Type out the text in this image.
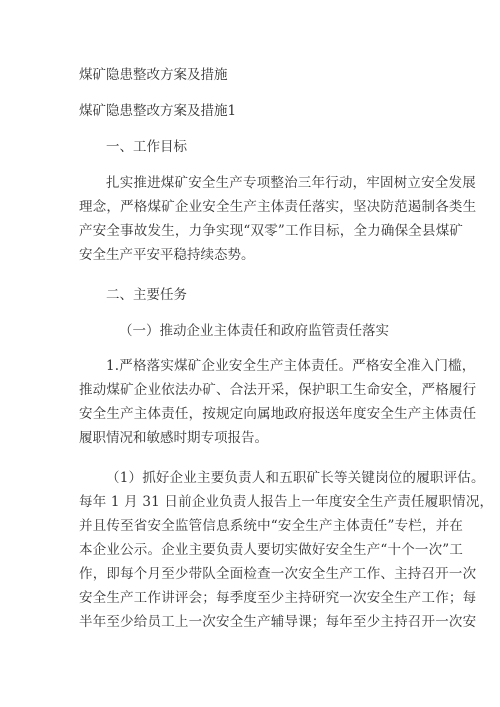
煤矿隐患整改方案及措施
煤矿隐患整改方案及措施1
一、工作目标
扎实推进煤矿安全生产专项整治三年行动，牢固树立安全发展
理念，严格煤矿企业安全生产主体责任落实，坚决防范遏制各类生
产安全事故发生，力争实现“双零”工作目标，全力确保全县煤矿
安全生产平安平稳持续态势。
二、主要任务
（一）推动企业主体责任和政府监管责任落实
1.严格落实煤矿企业安全生产主体责任。严格安全准入门槛，
推动煤矿企业依法办矿、合法开采，保护职工生命安全，严格履行
安全生产主体责任，按规定向属地政府报送年度安全生产主体责任
履职情况和敏感时期专项报告。
（1）抓好企业主要负责人和五职矿长等关键岗位的履职评估。
每年 1 月 31 日前企业负责人报告上一年度安全生产责任履职情况，
并且传至省安全监管信息系统中“安全生产主体责任”专栏，并在
本企业公示。企业主要负责人要切实做好安全生产“十个一次”工
作，即每个月至少带队全面检查一次安全生产工作、主持召开一次
安全生产工作讲评会；每季度至少主持研究一次安全生产工作；每
半年至少给员工上一次安全生产辅导课；每年至少主持召开一次安
